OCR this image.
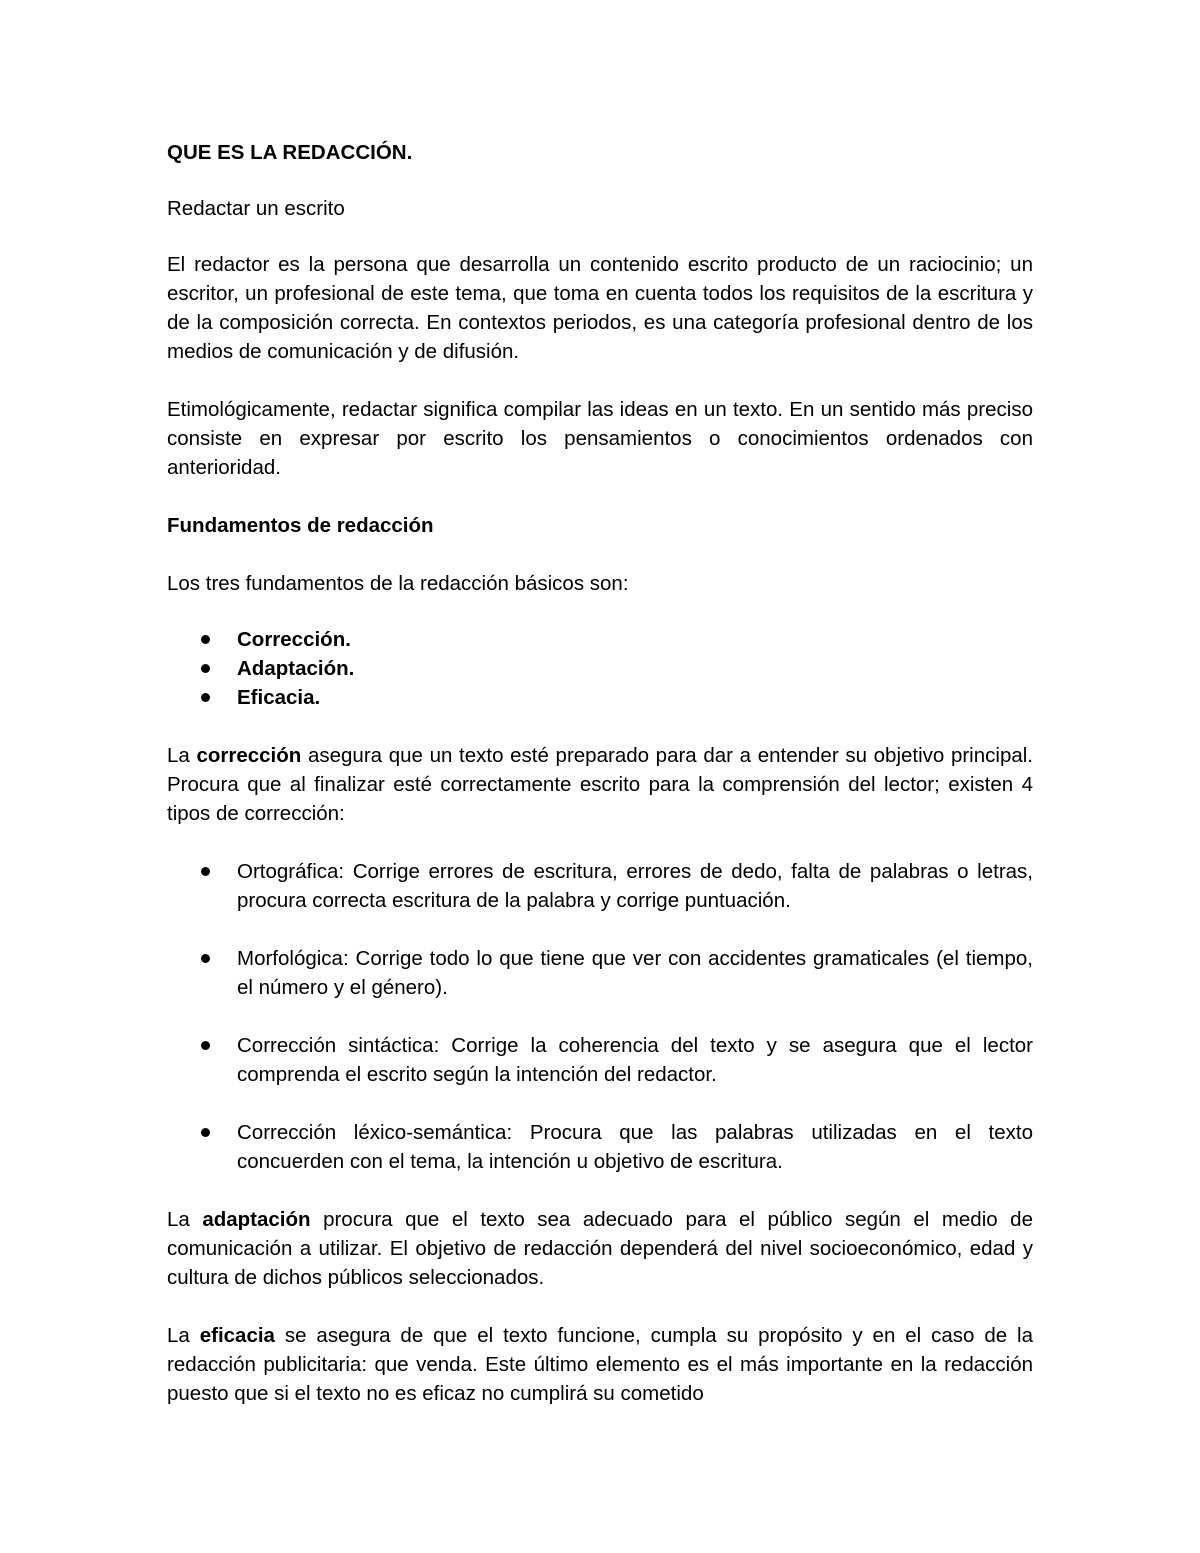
QUE ES LA REDACCIÓN.

Redactar un escrito

El redactor es la persona que desarrolla un contenido escrito producto de un raciocinio; un escritor, un profesional de este tema, que toma en cuenta todos los requisitos de la escritura y de la composición correcta. En contextos periodos, es una categoría profesional dentro de los medios de comunicación y de difusión.

Etimológicamente, redactar significa compilar las ideas en un texto. En un sentido más preciso consiste en expresar por escrito los pensamientos o conocimientos ordenados con anterioridad.

Fundamentos de redacción

Los tres fundamentos de la redacción básicos son:

Corrección.
Adaptación.
Eficacia.

La corrección asegura que un texto esté preparado para dar a entender su objetivo principal. Procura que al finalizar esté correctamente escrito para la comprensión del lector; existen 4 tipos de corrección:

Ortográfica: Corrige errores de escritura, errores de dedo, falta de palabras o letras, procura correcta escritura de la palabra y corrige puntuación.
Morfológica: Corrige todo lo que tiene que ver con accidentes gramaticales (el tiempo, el número y el género).
Corrección sintáctica: Corrige la coherencia del texto y se asegura que el lector comprenda el escrito según la intención del redactor.
Corrección léxico-semántica: Procura que las palabras utilizadas en el texto concuerden con el tema, la intención u objetivo de escritura.

La adaptación procura que el texto sea adecuado para el público según el medio de comunicación a utilizar. El objetivo de redacción dependerá del nivel socioeconómico, edad y cultura de dichos públicos seleccionados.

La eficacia se asegura de que el texto funcione, cumpla su propósito y en el caso de la redacción publicitaria: que venda. Este último elemento es el más importante en la redacción puesto que si el texto no es eficaz no cumplirá su cometido
